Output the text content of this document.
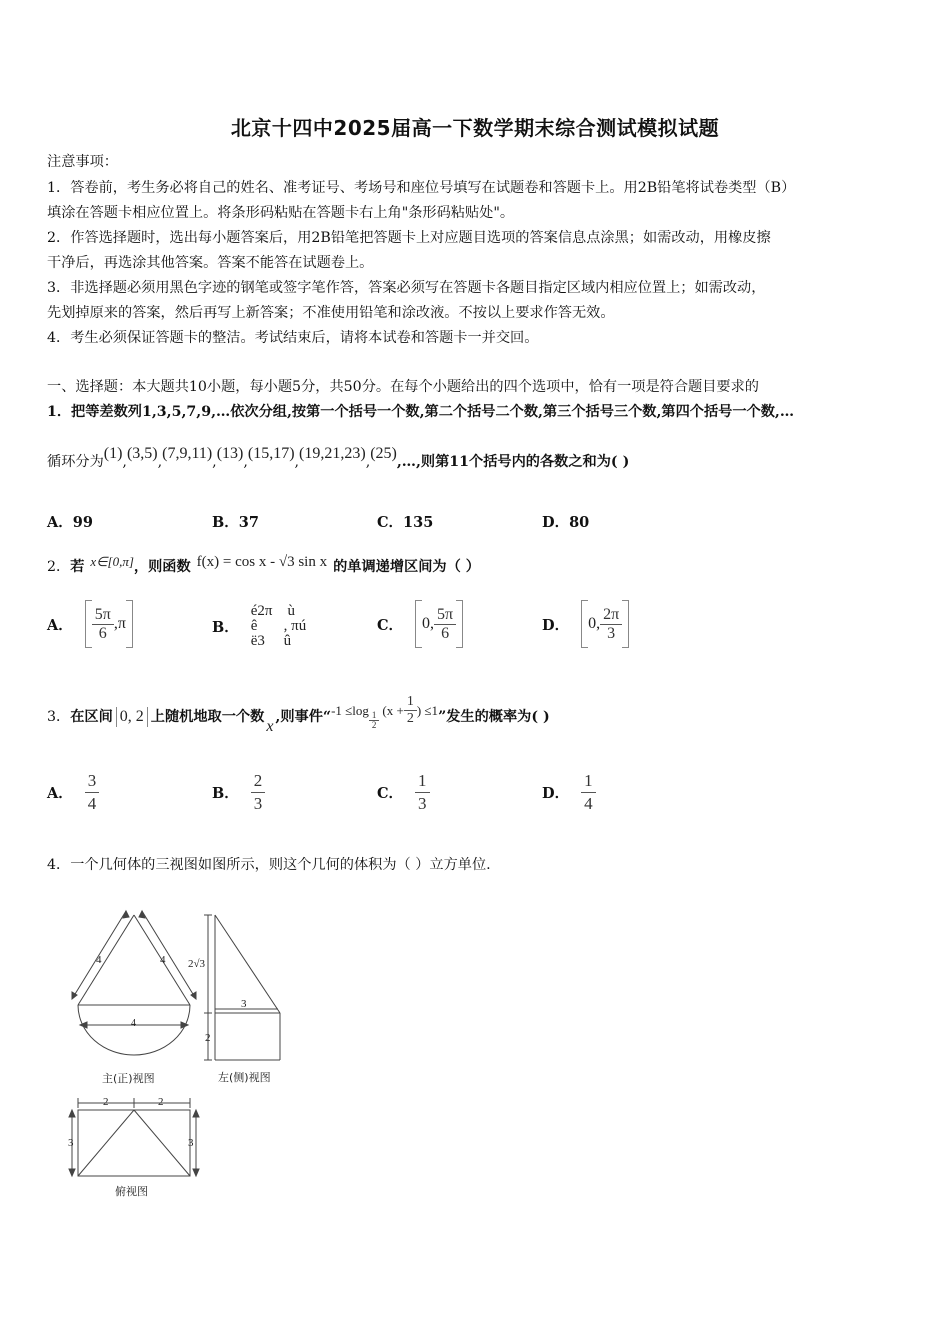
北京十四中2025届高一下数学期末综合测试模拟试题
注意事项：
1．答卷前，考生务必将自己的姓名、准考证号、考场号和座位号填写在试题卷和答题卡上。用2B铅笔将试卷类型（B）
填涂在答题卡相应位置上。将条形码粘贴在答题卡右上角"条形码粘贴处"。
2．作答选择题时，选出每小题答案后，用2B铅笔把答题卡上对应题目选项的答案信息点涂黑；如需改动，用橡皮擦
干净后，再选涂其他答案。答案不能答在试题卷上。
3．非选择题必须用黑色字迹的钢笔或签字笔作答，答案必须写在答题卡各题目指定区域内相应位置上；如需改动，
先划掉原来的答案，然后再写上新答案；不准使用铅笔和涂改液。不按以上要求作答无效。
4．考生必须保证答题卡的整洁。考试结束后，请将本试卷和答题卡一并交回。
一、选择题：本大题共10小题，每小题5分，共50分。在每个小题给出的四个选项中，恰有一项是符合题目要求的
1．把等差数列1,3,5,7,9,…依次分组,按第一个括号一个数,第二个括号二个数,第三个括号三个数,第四个括号一个数,…
循环分为 (1) , (3,5) , (7,9,11) , (13) , (15,17) , (19,21,23) , (25) ,…,则第11个括号内的各数之和为( )
A．99	B．37	C．135	D．80
2． 若 x∈[0,π] ，则函数 f(x) = cos x - √3 sin x 的单调递增区间为（ ）
A． $\frac{5\pi}{6} ,\pi$	B．
é2π    ù
ê       , πú
ë3     û
C． 0, $\frac{5\pi}{6}$	D． 0, $\frac{2\pi}{3}$
3． 在区间 0, 2 上随机地取一个数
x
,则事件“ -1 ≤log
$\frac{1}{2}$
($x + \frac{1}{2}$ ) ≤1 ”发生的概率为( )
A． $\frac{3}{4}$	B． $\frac{2}{3}$	C． $\frac{1}{3}$	D． $\frac{1}{4}$
4．一个几何体的三视图如图所示，则这个几何的体积为（ ）立方单位.
4	4
4
2√3
3
2
2	2
3	3
主(正)视图	左(侧)视图
俯视图
